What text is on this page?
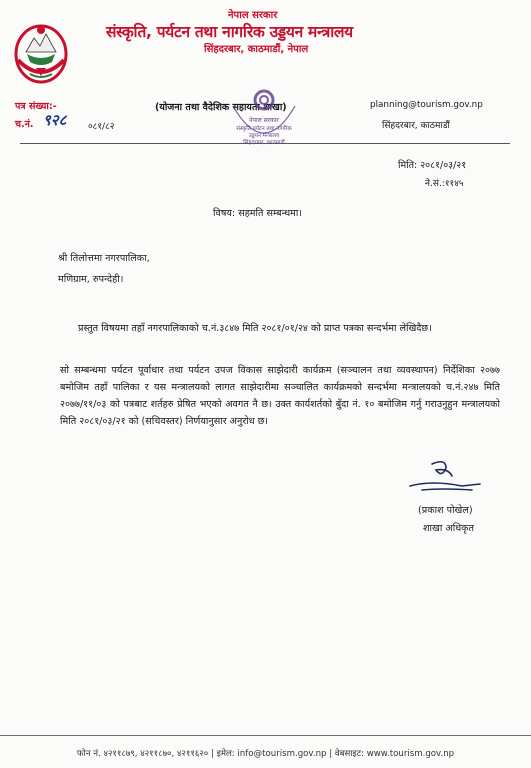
नेपाल सरकार
संस्कृति, पर्यटन तथा नागरिक उड्डयन मन्त्रालय
सिंहदरबार, काठमाडौं, नेपाल
पत्र संख्या:-
च.नं. ९२८ ०८१/८२
(योजना तथा वैदेशिक सहायता शाखा)
नेपाल सरकार
संस्कृति पर्यटन तथा नागरिक
उड्डयन मन्त्रालय
सिंहदरबार, काठमाडौं
planning@tourism.gov.np
सिंहदरबार, काठमाडौं
मिति: २०८१/०३/२१
ने.सं.:११४५
विषय: सहमति सम्बन्धमा।
श्री तिलोत्तमा नगरपालिका,
मणिग्राम, रुपन्देही।
प्रस्तुत विषयमा तहाँ नगरपालिकाको च.नं.३८४७ मिति २०८१/०१/२४ को प्राप्त पत्रका सन्दर्भमा लेखिदैछ।
सो सम्बन्धमा पर्यटन पूर्वाधार तथा पर्यटन उपज विकास साझेदारी कार्यक्रम (सञ्चालन तथा व्यवस्थापन) निर्देशिका २०७७ बमोजिम तहाँ पालिका र यस मन्त्रालयको लागत साझेदारीमा सञ्चालित कार्यक्रमको सन्दर्भमा मन्त्रालयको च.नं.२४७ मिति २०७७/११/०३ को पत्रबाट शर्तहरु प्रेषित भएको अवगत नै छ। उक्त कार्यशर्तको बुँदा नं. १० बमोजिम गर्नु गराउनुहुन मन्त्रालयको मिति २०८१/०३/२१ को (सचिवस्तर) निर्णयानुसार अनुरोध छ।
(प्रकाश पोखेल)
शाखा अधिकृत
फोन नं. ४२११८७९, ४२११८७०, ४२११६२० | इमेल: info@tourism.gov.np | वेबसाइट: www.tourism.gov.np
